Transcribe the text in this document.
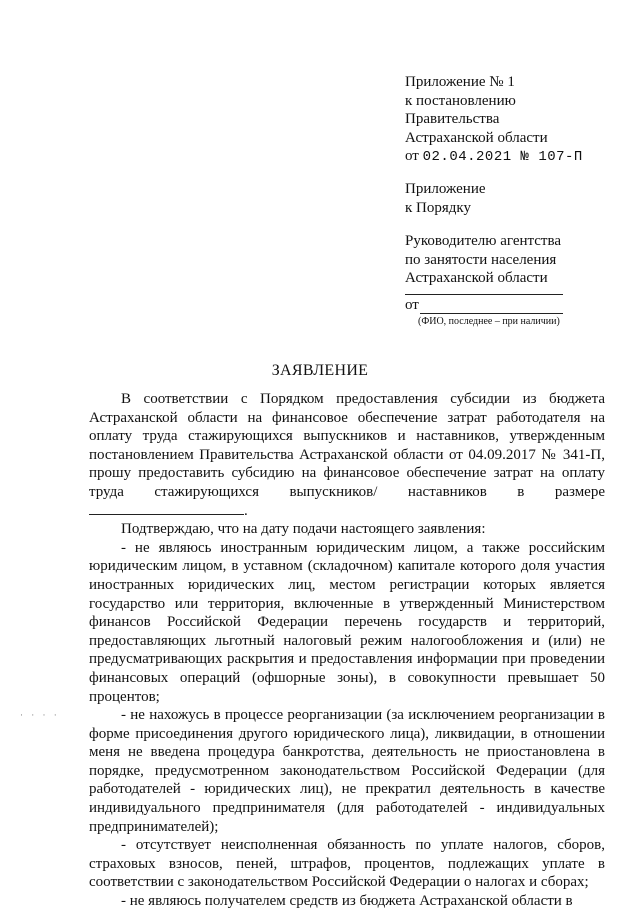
Приложение № 1
к постановлению
Правительства
Астраханской области
от 02.04.2021 № 107-П
Приложение
к Порядку
Руководителю агентства
по занятости населения
Астраханской области
от
(ФИО, последнее – при наличии)
ЗАЯВЛЕНИЕ

В соответствии с Порядком предоставления субсидии из бюджета Астраханской области на финансовое обеспечение затрат работодателя на оплату труда стажирующихся выпускников и наставников, утвержденным постановлением Правительства Астраханской области от 04.09.2017 № 341-П, прошу предоставить субсидию на финансовое обеспечение затрат на оплату труда стажирующихся выпускников/ наставников в размере .

Подтверждаю, что на дату подачи настоящего заявления:

- не являюсь иностранным юридическим лицом, а также российским юридическим лицом, в уставном (складочном) капитале которого доля участия иностранных юридических лиц, местом регистрации которых является государство или территория, включенные в утвержденный Министерством финансов Российской Федерации перечень государств и территорий, предоставляющих льготный налоговый режим налогообложения и (или) не предусматривающих раскрытия и предоставления информации при проведении финансовых операций (офшорные зоны), в совокупности превышает 50 процентов;

- не нахожусь в процессе реорганизации (за исключением реорганизации в форме присоединения другого юридического лица), ликвидации, в отношении меня не введена процедура банкротства, деятельность не приостановлена в порядке, предусмотренном законодательством Российской Федерации (для работодателей - юридических лиц), не прекратил деятельность в качестве индивидуального предпринимателя (для работодателей - индивидуальных предпринимателей);

- отсутствует неисполненная обязанность по уплате налогов, сборов, страховых взносов, пеней, штрафов, процентов, подлежащих уплате в соответствии с законодательством Российской Федерации о налогах и сборах;

- не являюсь получателем средств из бюджета Астраханской области в

· · · ·
